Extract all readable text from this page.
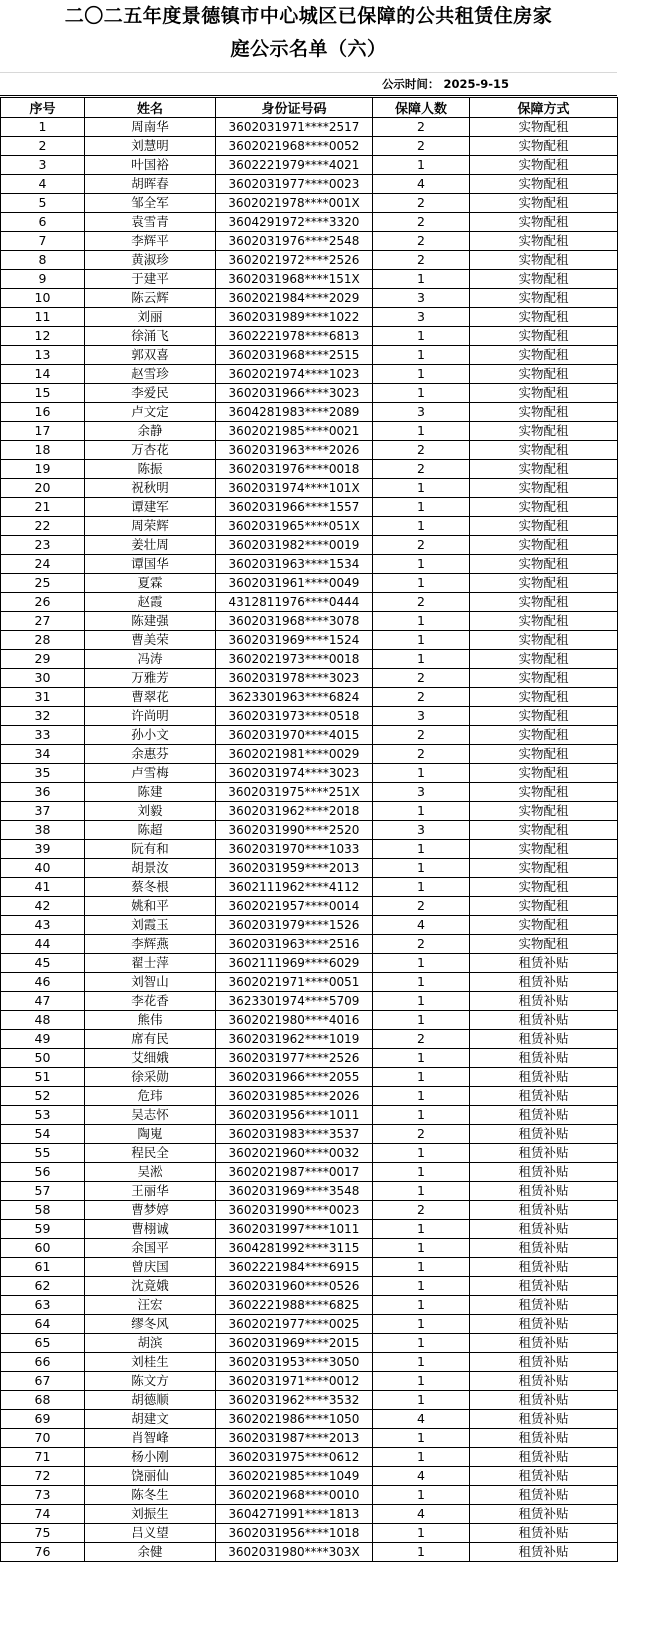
二〇二五年度景德镇市中心城区已保障的公共租赁住房家
庭公示名单（六）
公示时间： 2025-9-15
序号	姓名	身份证号码	保障人数	保障方式
1	周南华	3602031971****2517	2	实物配租
2	刘慧明	3602021968****0052	2	实物配租
3	叶国裕	3602221979****4021	1	实物配租
4	胡晖春	3602031977****0023	4	实物配租
5	邹全军	3602021978****001X	2	实物配租
6	袁雪青	3604291972****3320	2	实物配租
7	李辉平	3602031976****2548	2	实物配租
8	黄淑珍	3602021972****2526	2	实物配租
9	于建平	3602031968****151X	1	实物配租
10	陈云辉	3602021984****2029	3	实物配租
11	刘丽	3602031989****1022	3	实物配租
12	徐涌飞	3602221978****6813	1	实物配租
13	郭双喜	3602031968****2515	1	实物配租
14	赵雪珍	3602021974****1023	1	实物配租
15	李爱民	3602031966****3023	1	实物配租
16	卢文定	3604281983****2089	3	实物配租
17	余静	3602021985****0021	1	实物配租
18	万杏花	3602031963****2026	2	实物配租
19	陈振	3602031976****0018	2	实物配租
20	祝秋明	3602031974****101X	1	实物配租
21	谭建军	3602031966****1557	1	实物配租
22	周荣辉	3602031965****051X	1	实物配租
23	姜壮周	3602031982****0019	2	实物配租
24	谭国华	3602031963****1534	1	实物配租
25	夏霖	3602031961****0049	1	实物配租
26	赵霞	4312811976****0444	2	实物配租
27	陈建强	3602031968****3078	1	实物配租
28	曹美荣	3602031969****1524	1	实物配租
29	冯涛	3602021973****0018	1	实物配租
30	万雅芳	3602031978****3023	2	实物配租
31	曹翠花	3623301963****6824	2	实物配租
32	许尚明	3602031973****0518	3	实物配租
33	孙小文	3602031970****4015	2	实物配租
34	余惠芬	3602021981****0029	2	实物配租
35	卢雪梅	3602031974****3023	1	实物配租
36	陈建	3602031975****251X	3	实物配租
37	刘毅	3602031962****2018	1	实物配租
38	陈超	3602031990****2520	3	实物配租
39	阮有和	3602031970****1033	1	实物配租
40	胡景汝	3602031959****2013	1	实物配租
41	蔡冬根	3602111962****4112	1	实物配租
42	姚和平	3602021957****0014	2	实物配租
43	刘霞玉	3602031979****1526	4	实物配租
44	李辉燕	3602031963****2516	2	实物配租
45	翟士萍	3602111969****6029	1	租赁补贴
46	刘智山	3602021971****0051	1	租赁补贴
47	李花香	3623301974****5709	1	租赁补贴
48	熊伟	3602021980****4016	1	租赁补贴
49	席有民	3602031962****1019	2	租赁补贴
50	艾细娥	3602031977****2526	1	租赁补贴
51	徐采勋	3602031966****2055	1	租赁补贴
52	危玮	3602031985****2026	1	租赁补贴
53	吴志怀	3602031956****1011	1	租赁补贴
54	陶嵬	3602031983****3537	2	租赁补贴
55	程民全	3602021960****0032	1	租赁补贴
56	吴淞	3602021987****0017	1	租赁补贴
57	王丽华	3602031969****3548	1	租赁补贴
58	曹梦婷	3602031990****0023	2	租赁补贴
59	曹栩诚	3602031997****1011	1	租赁补贴
60	余国平	3604281992****3115	1	租赁补贴
61	曾庆国	3602221984****6915	1	租赁补贴
62	沈竟娥	3602031960****0526	1	租赁补贴
63	汪宏	3602221988****6825	1	租赁补贴
64	缪冬风	3602021977****0025	1	租赁补贴
65	胡滨	3602031969****2015	1	租赁补贴
66	刘桂生	3602031953****3050	1	租赁补贴
67	陈文方	3602031971****0012	1	租赁补贴
68	胡德顺	3602031962****3532	1	租赁补贴
69	胡建文	3602021986****1050	4	租赁补贴
70	肖智峰	3602031987****2013	1	租赁补贴
71	杨小刚	3602031975****0612	1	租赁补贴
72	饶丽仙	3602021985****1049	4	租赁补贴
73	陈冬生	3602021968****0010	1	租赁补贴
74	刘振生	3604271991****1813	4	租赁补贴
75	吕义望	3602031956****1018	1	租赁补贴
76	余健	3602031980****303X	1	租赁补贴
